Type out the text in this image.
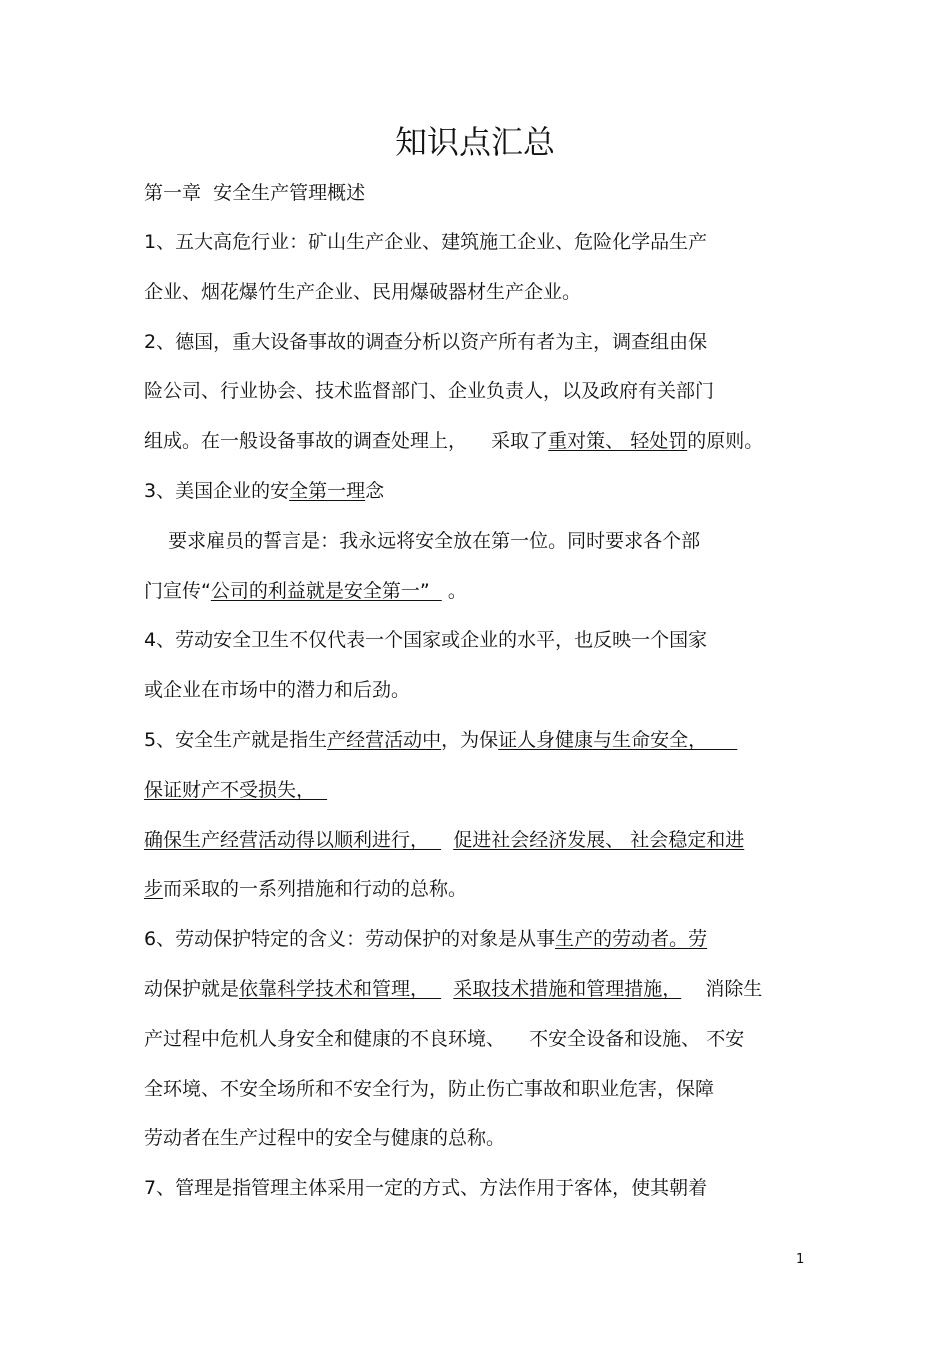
知识点汇总
第一章  安全生产管理概述
1、五大高危行业：矿山生产企业、建筑施工企业、危险化学品生产
企业、烟花爆竹生产企业、民用爆破器材生产企业。
2、德国，重大设备事故的调查分析以资产所有者为主，调查组由保
险公司、行业协会、技术监督部门、企业负责人，以及政府有关部门
组成。在一般设备事故的调查处理上，    采取了重对策、 轻处罚的原则。
3、美国企业的安全第一理念
要求雇员的誓言是：我永远将安全放在第一位。同时要求各个部
门宣传“公司的利益就是安全第一”   。
4、劳动安全卫生不仅代表一个国家或企业的水平，也反映一个国家
或企业在市场中的潜力和后劲。
5、安全生产就是指生产经营活动中，为保证人身健康与生命安全，
保证财产不受损失，
确保生产经营活动得以顺利进行，    促进社会经济发展、 社会稳定和进
步而采取的一系列措施和行动的总称。
6、劳动保护特定的含义：劳动保护的对象是从事生产的劳动者。劳
动保护就是依靠科学技术和管理，    采取技术措施和管理措施，    消除生
产过程中危机人身安全和健康的不良环境、    不安全设备和设施、 不安
全环境、不安全场所和不安全行为，防止伤亡事故和职业危害，保障
劳动者在生产过程中的安全与健康的总称。
7、管理是指管理主体采用一定的方式、方法作用于客体，使其朝着
1
